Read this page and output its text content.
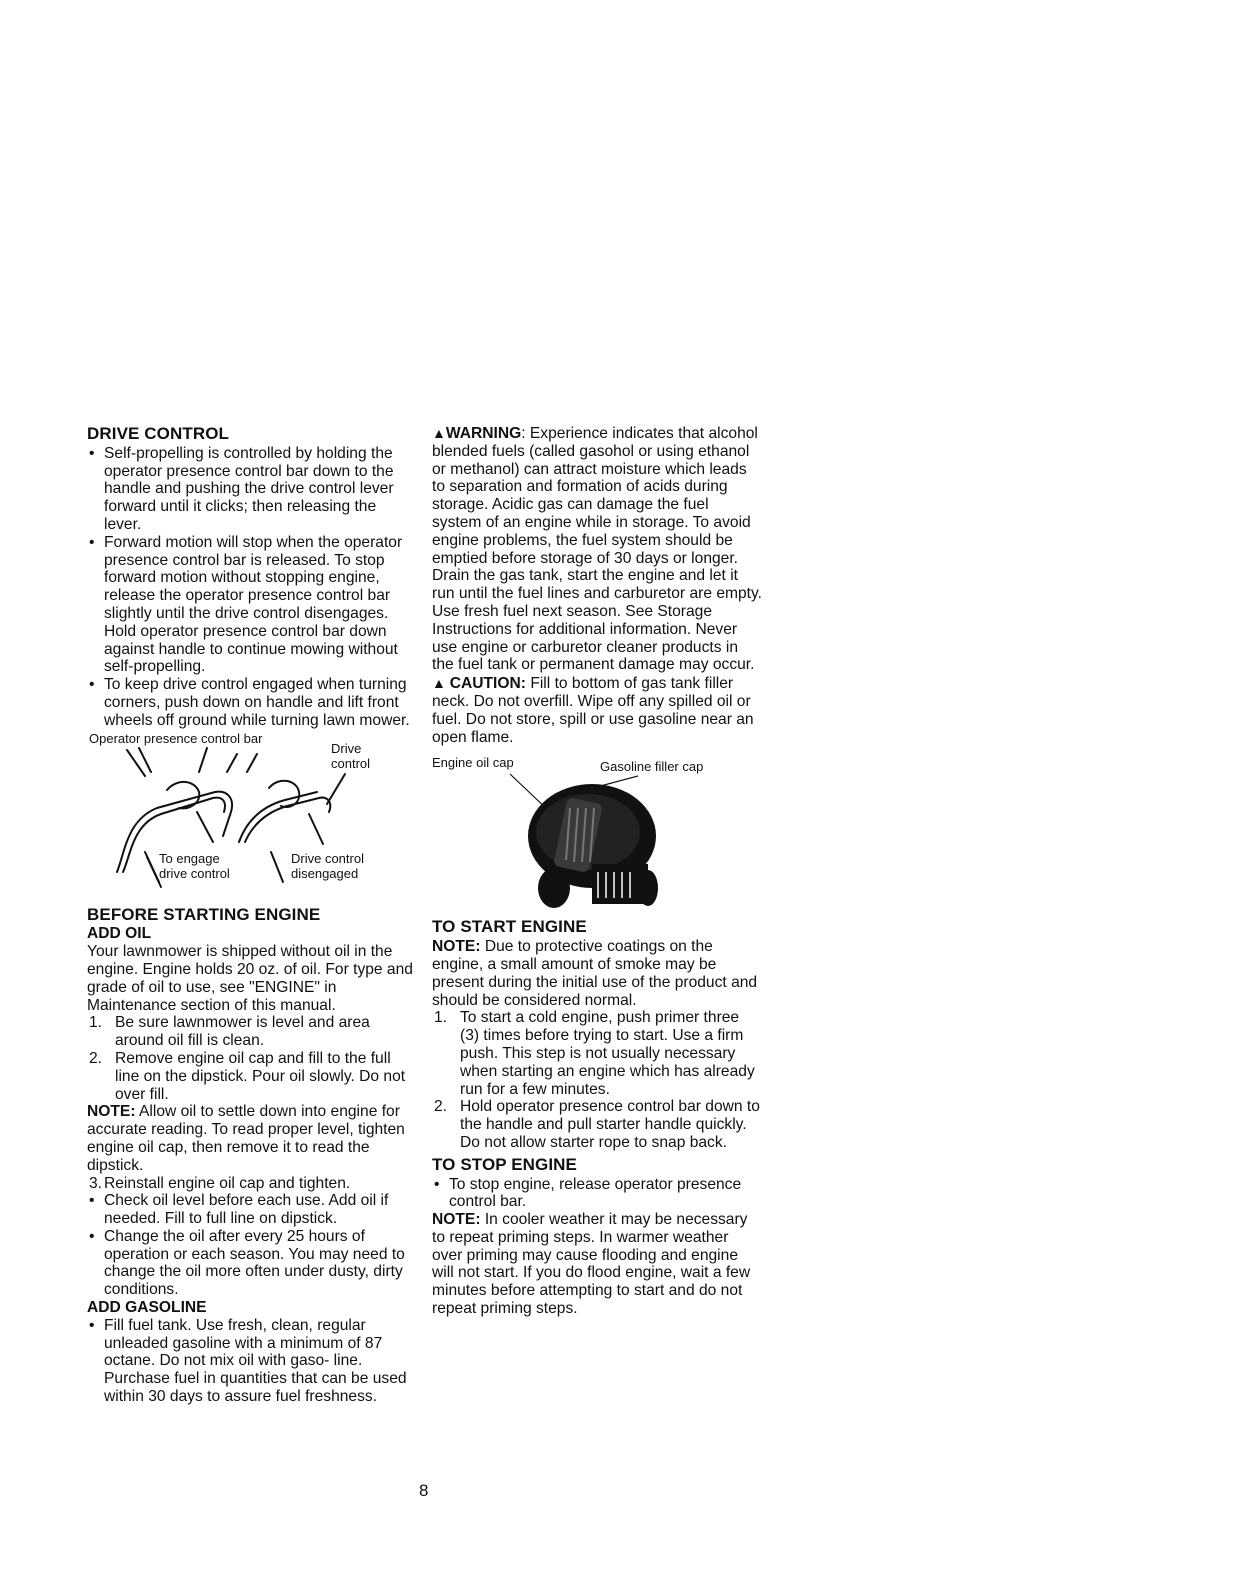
DRIVE CONTROL
• Self-propelling is controlled by holding the operator presence control bar down to the handle and pushing the drive control lever forward until it clicks; then releasing the lever.
• Forward motion will stop when the operator presence control bar is released. To stop forward motion without stopping engine, release the operator presence control bar slightly until the drive control disengages. Hold operator presence control bar down against handle to continue mowing without self-propelling.
• To keep drive control engaged when turning corners, push down on handle and lift front wheels off ground while turning lawn mower.
Operator presence control bar
Drive
control
To engage
drive control
Drive control
disengaged
BEFORE STARTING ENGINE
ADD OIL

Your lawnmower is shipped without oil in the engine. Engine holds 20 oz. of oil. For type and grade of oil to use, see "ENGINE" in Maintenance section of this manual.

1. Be sure lawnmower is level and area around oil fill is clean.
2. Remove engine oil cap and fill to the full line on the dipstick. Pour oil slowly. Do not over fill.

NOTE: Allow oil to settle down into engine for accurate reading. To read proper level, tighten engine oil cap, then remove it to read the dipstick.

3. Reinstall engine oil cap and tighten.
• Check oil level before each use. Add oil if needed. Fill to full line on dipstick.
• Change the oil after every 25 hours of operation or each season. You may need to change the oil more often under dusty, dirty conditions.
ADD GASOLINE
• Fill fuel tank. Use fresh, clean, regular unleaded gasoline with a minimum of 87 octane. Do not mix oil with gaso- line. Purchase fuel in quantities that can be used within 30 days to assure fuel freshness.

▲WARNING: Experience indicates that alcohol blended fuels (called gasohol or using ethanol or methanol) can attract moisture which leads to separation and formation of acids during storage. Acidic gas can damage the fuel system of an engine while in storage. To avoid engine problems, the fuel system should be emptied before storage of 30 days or longer. Drain the gas tank, start the engine and let it run until the fuel lines and carburetor are empty. Use fresh fuel next season. See Storage Instructions for additional information. Never use engine or carburetor cleaner products in the fuel tank or permanent damage may occur.

▲ CAUTION: Fill to bottom of gas tank filler neck. Do not overfill. Wipe off any spilled oil or fuel. Do not store, spill or use gasoline near an open flame.

Engine oil cap	Gasoline filler cap
TO START ENGINE

NOTE: Due to protective coatings on the engine, a small amount of smoke may be present during the initial use of the product and should be considered normal.

1. To start a cold engine, push primer three (3) times before trying to start. Use a firm push. This step is not usually necessary when starting an engine which has already run for a few minutes.
2. Hold operator presence control bar down to the handle and pull starter handle quickly. Do not allow starter rope to snap back.
TO STOP ENGINE
• To stop engine, release operator presence control bar.

NOTE: In cooler weather it may be necessary to repeat priming steps. In warmer weather over priming may cause flooding and engine will not start. If you do flood engine, wait a few minutes before attempting to start and do not repeat priming steps.

8
